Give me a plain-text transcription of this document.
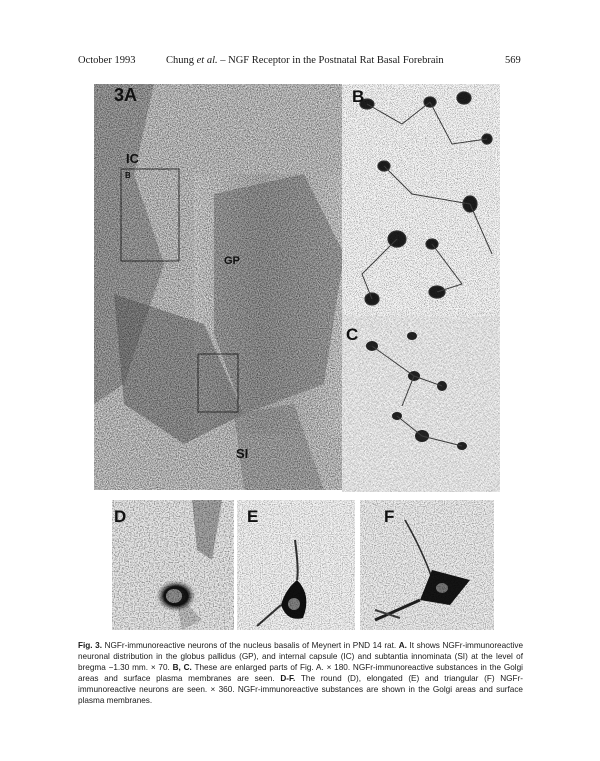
October 1993	Chung et al. – NGF Receptor in the Postnatal Rat Basal Forebrain	569
3A
IC
B
GP
SI
B
C
D	E	F
Fig. 3. NGFr-immunoreactive neurons of the nucleus basalis of Meynert in PND 14 rat. A. It shows NGFr-immunoreactive neuronal distribution in the globus pallidus (GP), and internal capsule (IC) and subtantia innominata (SI) at the level of bregma −1.30 mm. × 70. B, C. These are enlarged parts of Fig. A. × 180. NGFr-immunoreactive substances in the Golgi areas and surface plasma membranes are seen. D-F. The round (D), elongated (E) and triangular (F) NGFr-immunoreactive neurons are seen. × 360. NGFr-immunoreactive substances are shown in the Golgi areas and surface plasma membranes.
